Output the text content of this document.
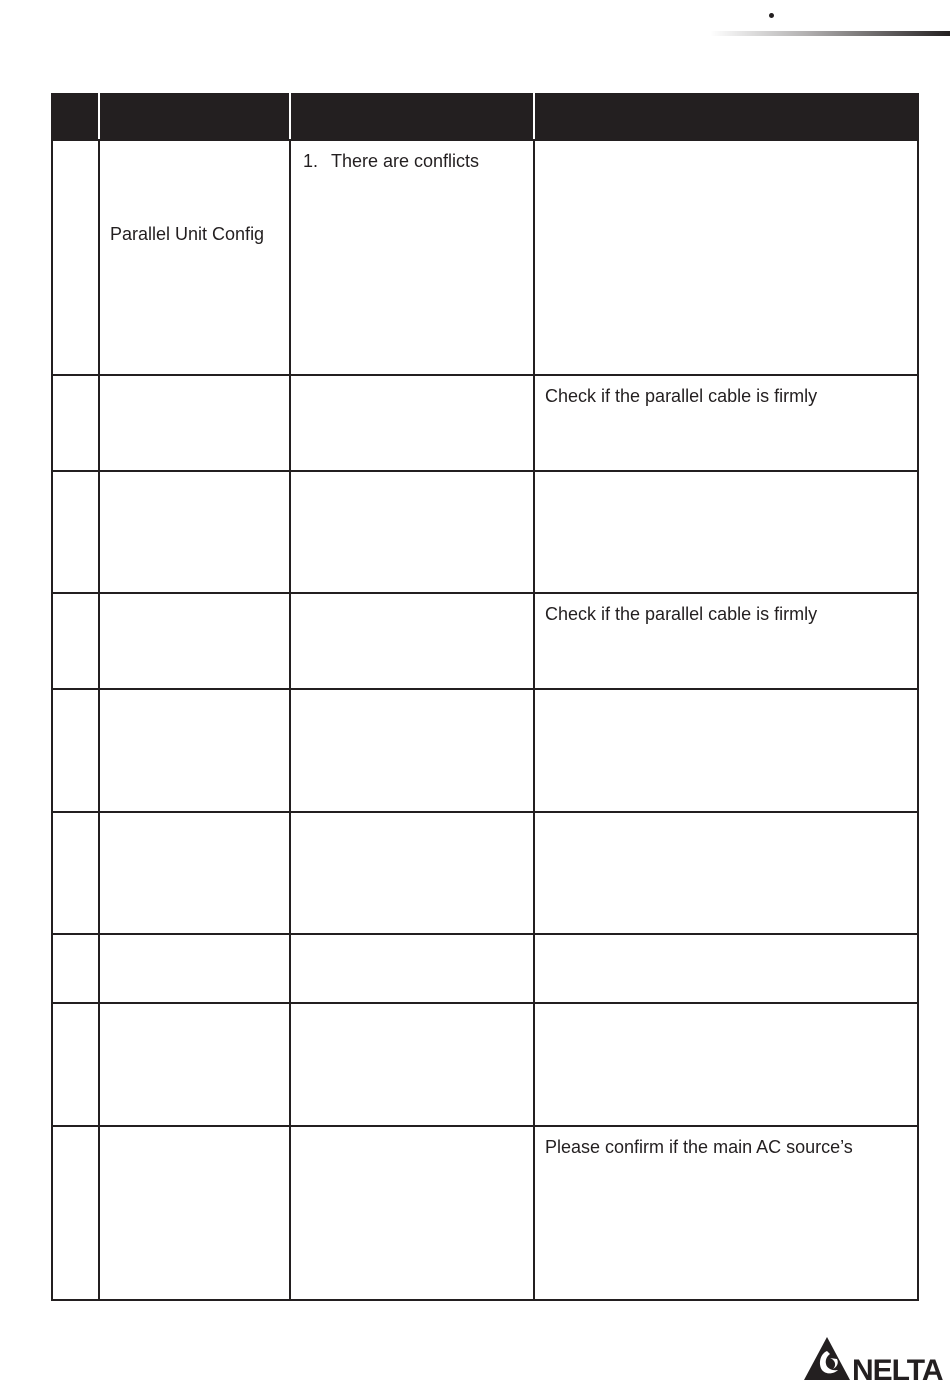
	Parallel Unit Config	1. There are conflicts	

			Check if the parallel cable is firmly

			Check if the parallel cable is firmly

			Please confirm if the main AC source’s
NELTA
